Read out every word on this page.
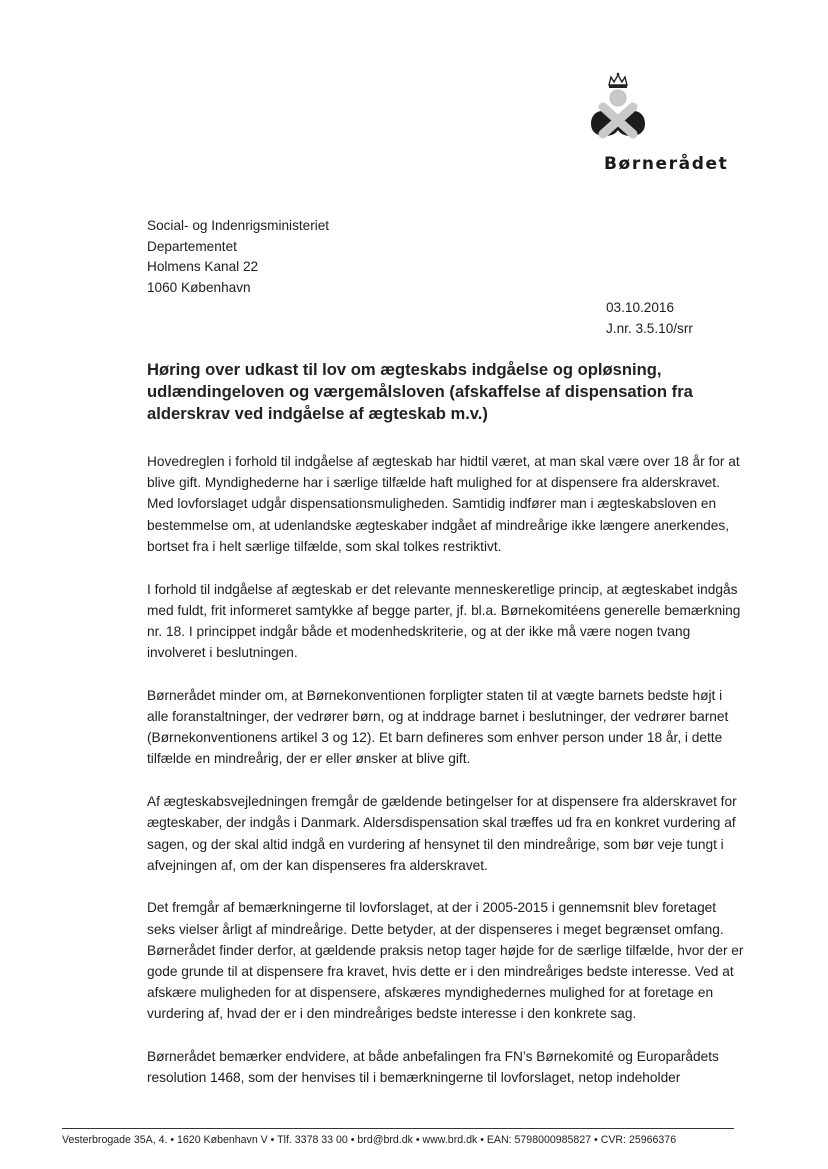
Børnerådet
Social- og Indenrigsministeriet
Departementet
Holmens Kanal 22
1060 København
03.10.2016
J.nr. 3.5.10/srr
Høring over udkast til lov om ægteskabs indgåelse og opløsning, udlændingeloven og værgemålsloven (afskaffelse af dispensation fra alderskrav ved indgåelse af ægteskab m.v.)

Hovedreglen i forhold til indgåelse af ægteskab har hidtil været, at man skal være over 18 år for at blive gift. Myndighederne har i særlige tilfælde haft mulighed for at dispensere fra alderskravet. Med lovforslaget udgår dispensationsmuligheden. Samtidig indfører man i ægteskabsloven en bestemmelse om, at udenlandske ægteskaber indgået af mindreårige ikke længere anerkendes, bortset fra i helt særlige tilfælde, som skal tolkes restriktivt.

I forhold til indgåelse af ægteskab er det relevante menneskeretlige princip, at ægteskabet indgås med fuldt, frit informeret samtykke af begge parter, jf. bl.a. Børnekomitéens generelle bemærkning nr. 18. I princippet indgår både et modenhedskriterie, og at der ikke må være nogen tvang involveret i beslutningen.

Børnerådet minder om, at Børnekonventionen forpligter staten til at vægte barnets bedste højt i alle foranstaltninger, der vedrører børn, og at inddrage barnet i beslutninger, der vedrører barnet (Børnekonventionens artikel 3 og 12). Et barn defineres som enhver person under 18 år, i dette tilfælde en mindreårig, der er eller ønsker at blive gift.

Af ægteskabsvejledningen fremgår de gældende betingelser for at dispensere fra alderskravet for ægteskaber, der indgås i Danmark. Aldersdispensation skal træffes ud fra en konkret vurdering af sagen, og der skal altid indgå en vurdering af hensynet til den mindreårige, som bør veje tungt i afvejningen af, om der kan dispenseres fra alderskravet.

Det fremgår af bemærkningerne til lovforslaget, at der i 2005-2015 i gennemsnit blev foretaget seks vielser årligt af mindreårige. Dette betyder, at der dispenseres i meget begrænset omfang. Børnerådet finder derfor, at gældende praksis netop tager højde for de særlige tilfælde, hvor der er gode grunde til at dispensere fra kravet, hvis dette er i den mindreåriges bedste interesse. Ved at afskære muligheden for at dispensere, afskæres myndighedernes mulighed for at foretage en vurdering af, hvad der er i den mindreåriges bedste interesse i den konkrete sag.

Børnerådet bemærker endvidere, at både anbefalingen fra FN’s Børnekomité og Europarådets resolution 1468, som der henvises til i bemærkningerne til lovforslaget, netop indeholder

Vesterbrogade 35A, 4. • 1620 København V • Tlf. 3378 33 00 • brd@brd.dk • www.brd.dk • EAN: 5798000985827 • CVR: 25966376
